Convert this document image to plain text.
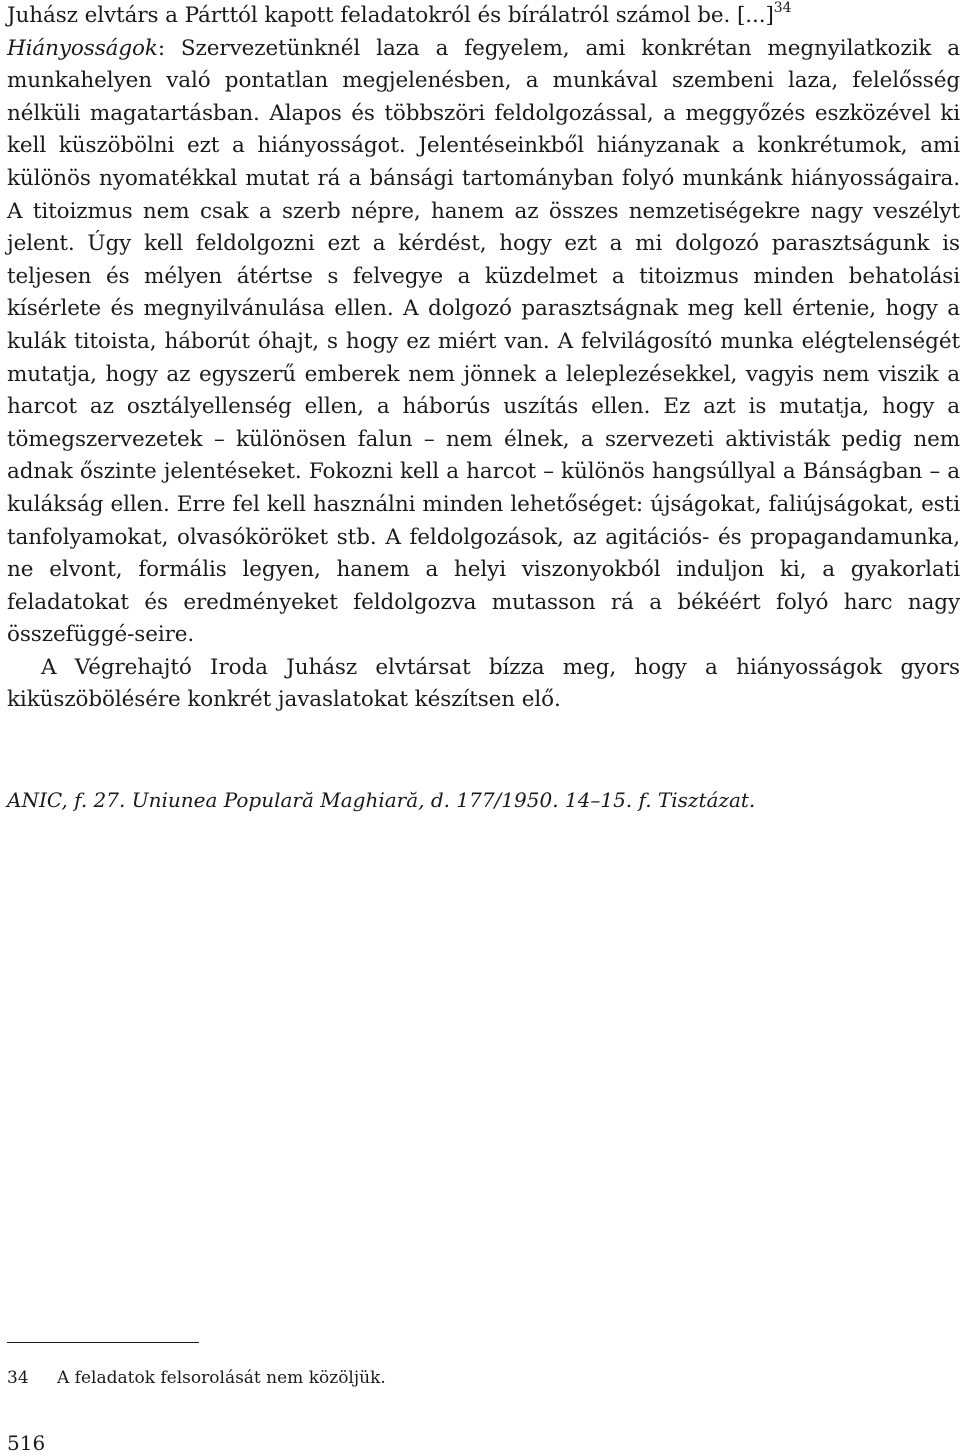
Juhász elvtárs a Párttól kapott feladatokról és bírálatról számol be. [...]$^{34}$
Hiányosságok: Szervezetünknél laza a fegyelem, ami konkrétan megnyilatkozik a munkahelyen való pontatlan megjelenésben, a munkával szembeni laza, felelősség nélküli magatartásban. Alapos és többszöri feldolgozással, a meggyőzés eszközével ki kell küszöbölni ezt a hiányosságot. Jelentéseinkből hiányzanak a konkrétumok, ami különös nyomatékkal mutat rá a bánsági tartományban folyó munkánk hiányosságaira. A titoizmus nem csak a szerb népre, hanem az összes nemzetiségekre nagy veszélyt jelent. Úgy kell feldolgozni ezt a kérdést, hogy ezt a mi dolgozó parasztságunk is teljesen és mélyen átértse s felvegye a küzdelmet a titoizmus minden behatolási kísérlete és megnyilvánulása ellen. A dolgozó parasztságnak meg kell értenie, hogy a kulák titoista, háborút óhajt, s hogy ez miért van. A felvilágosító munka elégtelenségét mutatja, hogy az egyszerű emberek nem jönnek a leleplezésekkel, vagyis nem viszik a harcot az osztályellenség ellen, a háborús uszítás ellen. Ez azt is mutatja, hogy a tömegszervezetek – különösen falun – nem élnek, a szervezeti aktivisták pedig nem adnak őszinte jelentéseket. Fokozni kell a harcot – különös hangsúllyal a Bánságban – a kulákság ellen. Erre fel kell használni minden lehetőséget: újságokat, faliújságokat, esti tanfolyamokat, olvasóköröket stb. A feldolgozások, az agitációs- és propagandamunka, ne elvont, formális legyen, hanem a helyi viszonyokból induljon ki, a gyakorlati feladatokat és eredményeket feldolgozva mutasson rá a békéért folyó harc nagy összefüggé-seire.

A Végrehajtó Iroda Juhász elvtársat bízza meg, hogy a hiányosságok gyors kiküszöbölésére konkrét javaslatokat készítsen elő.

ANIC, f. 27. Uniunea Populară Maghiară, d. 177/1950. 14–15. f. Tisztázat.
34 A feladatok felsorolását nem közöljük.
516
